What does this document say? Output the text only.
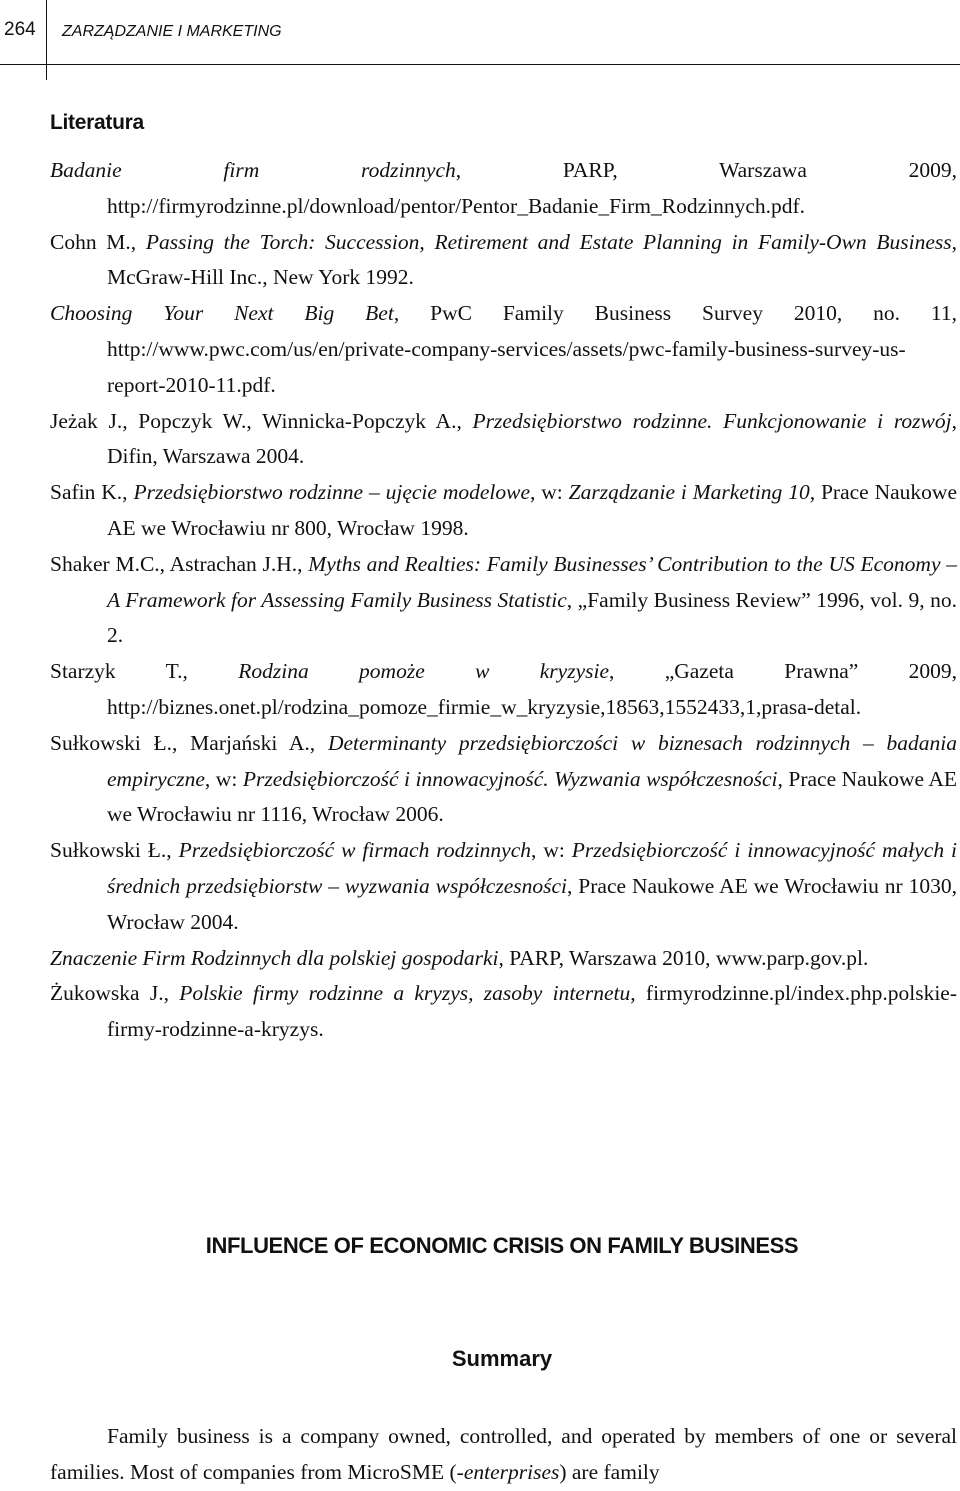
264 ZARZĄDZANIE I MARKETING
Literatura
Badanie firm rodzinnych, PARP, Warszawa 2009, http://firmyrodzinne.pl/download/pentor/Pentor_Badanie_Firm_Rodzinnych.pdf.
Cohn M., Passing the Torch: Succession, Retirement and Estate Planning in Family-Own Business, McGraw-Hill Inc., New York 1992.
Choosing Your Next Big Bet, PwC Family Business Survey 2010, no. 11, http://www.pwc.com/us/en/private-company-services/assets/pwc-family-business-survey-us-report-2010-11.pdf.
Jeżak J., Popczyk W., Winnicka-Popczyk A., Przedsiębiorstwo rodzinne. Funkcjonowanie i rozwój, Difin, Warszawa 2004.
Safin K., Przedsiębiorstwo rodzinne – ujęcie modelowe, w: Zarządzanie i Marketing 10, Prace Naukowe AE we Wrocławiu nr 800, Wrocław 1998.
Shaker M.C., Astrachan J.H., Myths and Realties: Family Businesses’ Contribution to the US Economy – A Framework for Assessing Family Business Statistic, „Family Business Review” 1996, vol. 9, no. 2.
Starzyk T., Rodzina pomoże w kryzysie, „Gazeta Prawna” 2009, http://biznes.onet.pl/rodzina_pomoze_firmie_w_kryzysie,18563,1552433,1,prasa-detal.
Sułkowski Ł., Marjański A., Determinanty przedsiębiorczości w biznesach rodzinnych – badania empiryczne, w: Przedsiębiorczość i innowacyjność. Wyzwania współczesności, Prace Naukowe AE we Wrocławiu nr 1116, Wrocław 2006.
Sułkowski Ł., Przedsiębiorczość w firmach rodzinnych, w: Przedsiębiorczość i innowacyjność małych i średnich przedsiębiorstw – wyzwania współczesności, Prace Naukowe AE we Wrocławiu nr 1030, Wrocław 2004.
Znaczenie Firm Rodzinnych dla polskiej gospodarki, PARP, Warszawa 2010, www.parp.gov.pl.
Żukowska J., Polskie firmy rodzinne a kryzys, zasoby internetu, firmyrodzinne.pl/index.php.polskie-firmy-rodzinne-a-kryzys.
INFLUENCE OF ECONOMIC CRISIS ON FAMILY BUSINESS
Summary

Family business is a company owned, controlled, and operated by members of one or several families. Most of companies from MicroSME (-enterprises) are family
